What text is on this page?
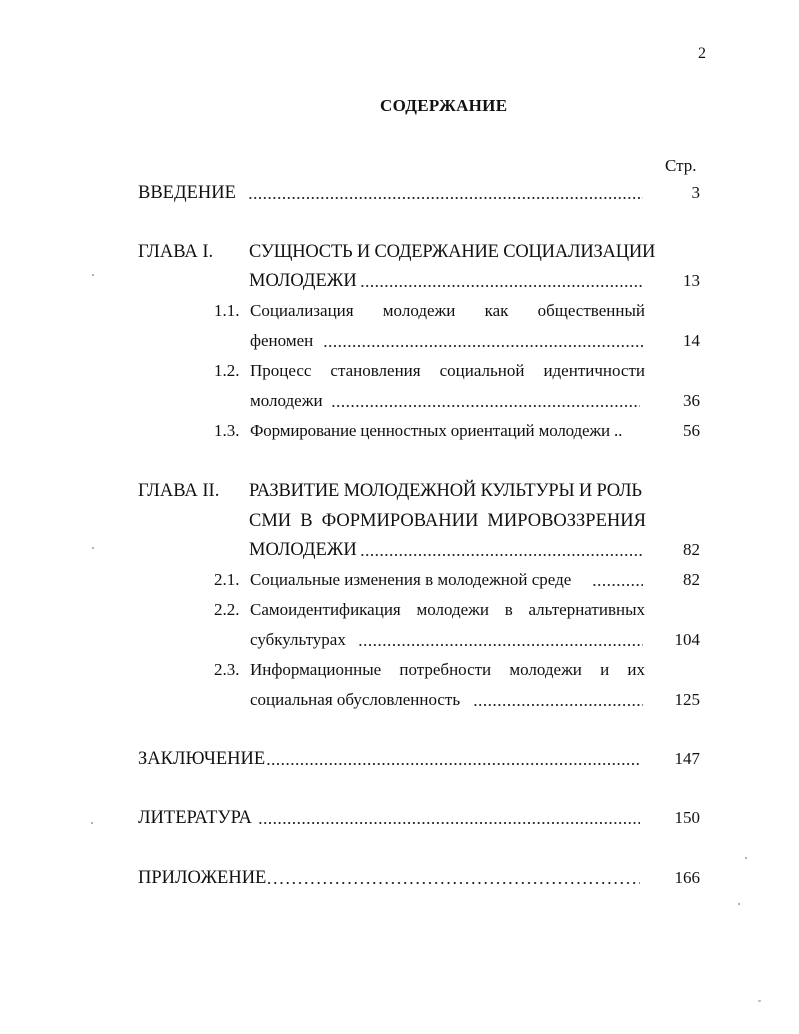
2
СОДЕРЖАНИЕ
Стр.
ВВЕДЕНИЕ	3
ГЛАВА I. СУЩНОСТЬ И СОДЕРЖАНИЕ СОЦИАЛИЗАЦИИ
МОЛОДЕЖИ	13
1.1. Социализация молодежи как общественный
феномен	14
1.2. Процесс становления социальной идентичности
молодежи	36
1.3. Формирование ценностных ориентаций молодежи ..	56
ГЛАВА II. РАЗВИТИЕ МОЛОДЕЖНОЙ КУЛЬТУРЫ И РОЛЬ
СМИ В ФОРМИРОВАНИИ МИРОВОЗЗРЕНИЯ
МОЛОДЕЖИ	82
2.1. Социальные изменения в молодежной среде	82
2.2. Самоидентификация молодежи в альтернативных
субкультурах	104
2.3. Информационные потребности молодежи и их
социальная обусловленность	125
ЗАКЛЮЧЕНИЕ	147
ЛИТЕРАТУРА	150
ПРИЛОЖЕНИЕ	166
